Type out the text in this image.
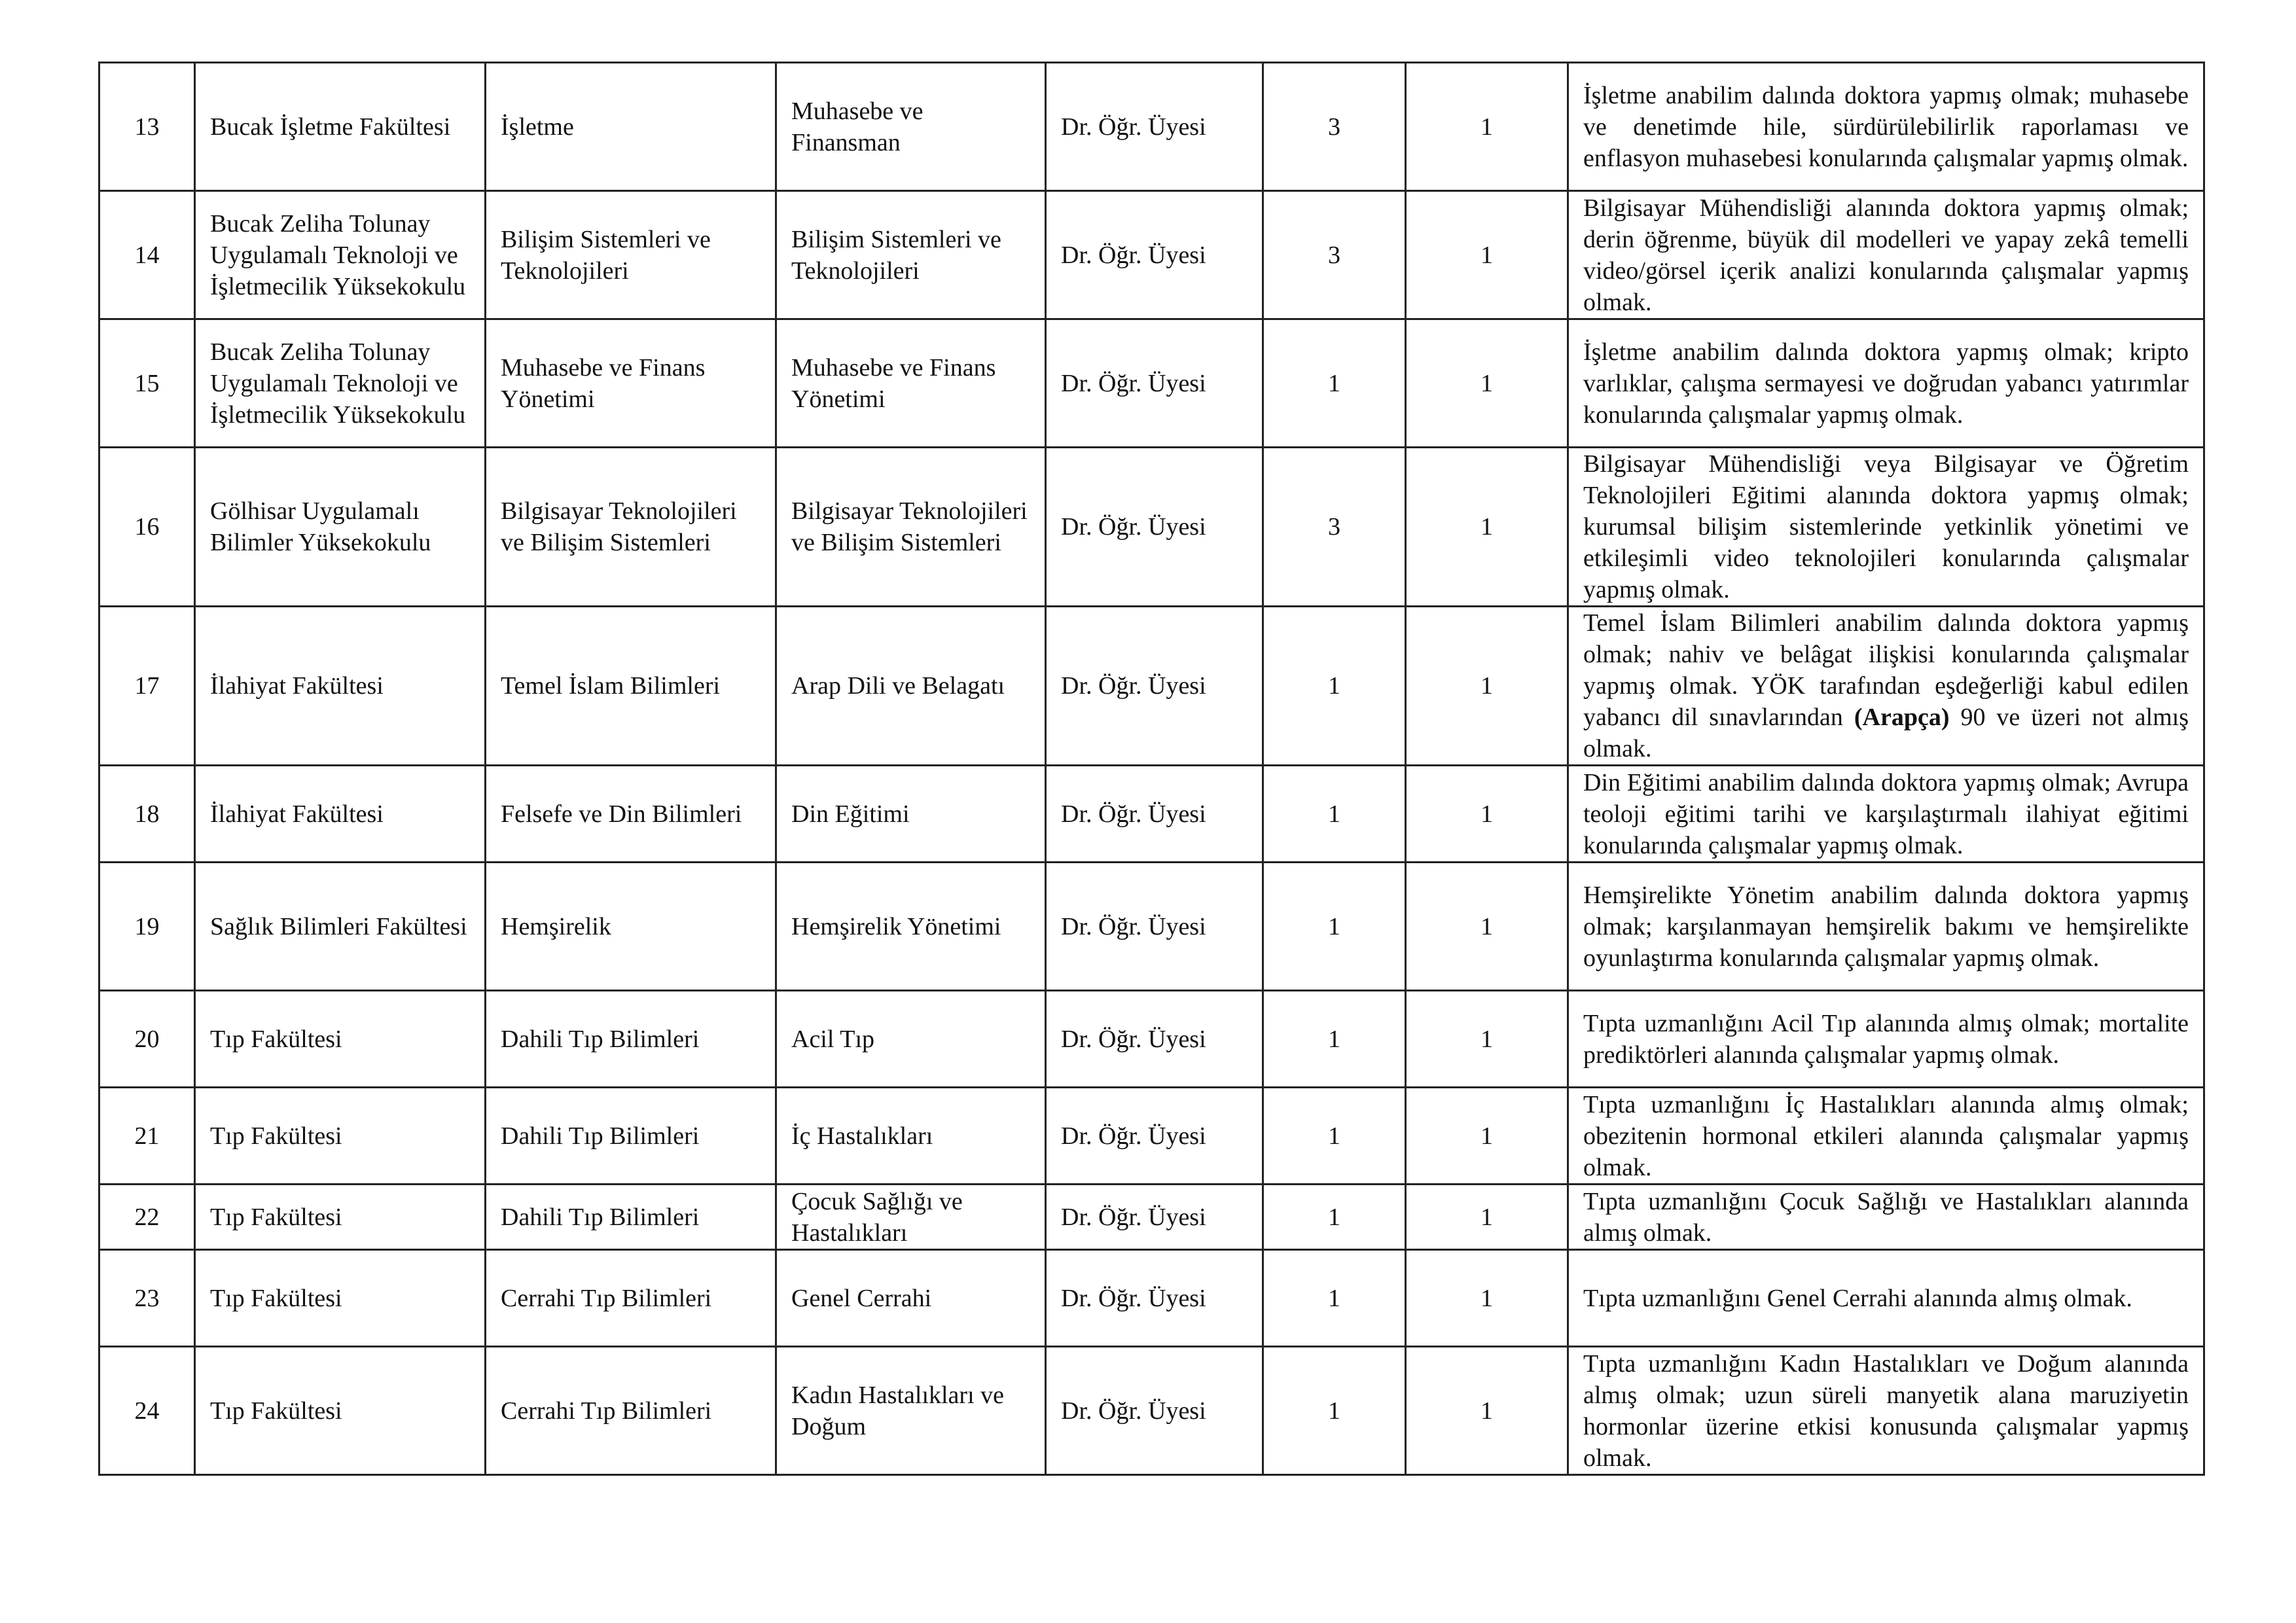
13	Bucak İşletme Fakültesi	İşletme	Muhasebe ve Finansman	Dr. Öğr. Üyesi	3	1	İşletme anabilim dalında doktora yapmış olmak; muhasebe ve denetimde hile, sürdürülebilirlik raporlaması ve enflasyon muhasebesi konularında çalışmalar yapmış olmak.
14	Bucak Zeliha Tolunay Uygulamalı Teknoloji ve İşletmecilik Yüksekokulu	Bilişim Sistemleri ve Teknolojileri	Bilişim Sistemleri ve Teknolojileri	Dr. Öğr. Üyesi	3	1	Bilgisayar Mühendisliği alanında doktora yapmış olmak; derin öğrenme, büyük dil modelleri ve yapay zekâ temelli video/görsel içerik analizi konularında çalışmalar yapmış olmak.
15	Bucak Zeliha Tolunay Uygulamalı Teknoloji ve İşletmecilik Yüksekokulu	Muhasebe ve Finans Yönetimi	Muhasebe ve Finans Yönetimi	Dr. Öğr. Üyesi	1	1	İşletme anabilim dalında doktora yapmış olmak; kripto varlıklar, çalışma sermayesi ve doğrudan yabancı yatırımlar konularında çalışmalar yapmış olmak.
16	Gölhisar Uygulamalı Bilimler Yüksekokulu	Bilgisayar Teknolojileri ve Bilişim Sistemleri	Bilgisayar Teknolojileri ve Bilişim Sistemleri	Dr. Öğr. Üyesi	3	1	Bilgisayar Mühendisliği veya Bilgisayar ve Öğretim Teknolojileri Eğitimi alanında doktora yapmış olmak; kurumsal bilişim sistemlerinde yetkinlik yönetimi ve etkileşimli video teknolojileri konularında çalışmalar yapmış olmak.
17	İlahiyat Fakültesi	Temel İslam Bilimleri	Arap Dili ve Belagatı	Dr. Öğr. Üyesi	1	1	Temel İslam Bilimleri anabilim dalında doktora yapmış olmak; nahiv ve belâgat ilişkisi konularında çalışmalar yapmış olmak. YÖK tarafından eşdeğerliği kabul edilen yabancı dil sınavlarından (Arapça) 90 ve üzeri not almış olmak.
18	İlahiyat Fakültesi	Felsefe ve Din Bilimleri	Din Eğitimi	Dr. Öğr. Üyesi	1	1	Din Eğitimi anabilim dalında doktora yapmış olmak; Avrupa teoloji eğitimi tarihi ve karşılaştırmalı ilahiyat eğitimi konularında çalışmalar yapmış olmak.
19	Sağlık Bilimleri Fakültesi	Hemşirelik	Hemşirelik Yönetimi	Dr. Öğr. Üyesi	1	1	Hemşirelikte Yönetim anabilim dalında doktora yapmış olmak; karşılanmayan hemşirelik bakımı ve hemşirelikte oyunlaştırma konularında çalışmalar yapmış olmak.
20	Tıp Fakültesi	Dahili Tıp Bilimleri	Acil Tıp	Dr. Öğr. Üyesi	1	1	Tıpta uzmanlığını Acil Tıp alanında almış olmak; mortalite prediktörleri alanında çalışmalar yapmış olmak.
21	Tıp Fakültesi	Dahili Tıp Bilimleri	İç Hastalıkları	Dr. Öğr. Üyesi	1	1	Tıpta uzmanlığını İç Hastalıkları alanında almış olmak; obezitenin hormonal etkileri alanında çalışmalar yapmış olmak.
22	Tıp Fakültesi	Dahili Tıp Bilimleri	Çocuk Sağlığı ve Hastalıkları	Dr. Öğr. Üyesi	1	1	Tıpta uzmanlığını Çocuk Sağlığı ve Hastalıkları alanında almış olmak.
23	Tıp Fakültesi	Cerrahi Tıp Bilimleri	Genel Cerrahi	Dr. Öğr. Üyesi	1	1	Tıpta uzmanlığını Genel Cerrahi alanında almış olmak.
24	Tıp Fakültesi	Cerrahi Tıp Bilimleri	Kadın Hastalıkları ve Doğum	Dr. Öğr. Üyesi	1	1	Tıpta uzmanlığını Kadın Hastalıkları ve Doğum alanında almış olmak; uzun süreli manyetik alana maruziyetin hormonlar üzerine etkisi konusunda çalışmalar yapmış olmak.
